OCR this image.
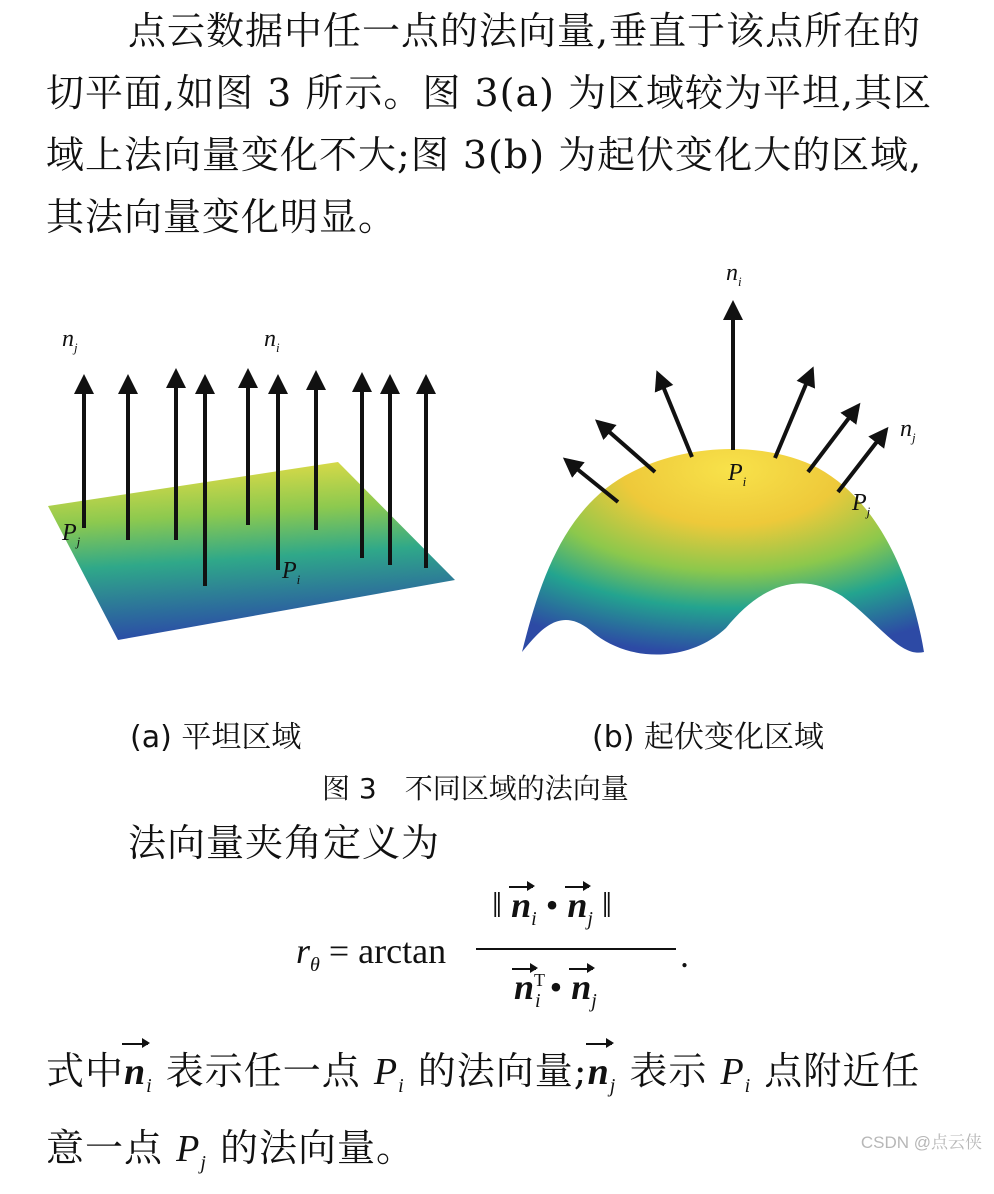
点云数据中任一点的法向量,垂直于该点所在的切平面,如图 3 所示。图 3(a) 为区域较为平坦,其区域上法向量变化不大;图 3(b) 为起伏变化大的区域,其法向量变化明显。
$n_j$	$n_i$
$P_j$
$P_i$
$n_i$
$n_j$
$P_i$
$P_j$
(a) 平坦区域	(b) 起伏变化区域
图 3　不同区域的法向量
法向量夹角定义为
$r_\theta = \arctan$
‖ $n_i$ • $n_j$ ‖
$n^T_i$ • $n_j$
.
式中$n_i$ 表示任一点 $P_i$ 的法向量$;n_j$ 表示 $P_i$ 点附近任意一点 $P_j$ 的法向量。	CSDN @点云侠
